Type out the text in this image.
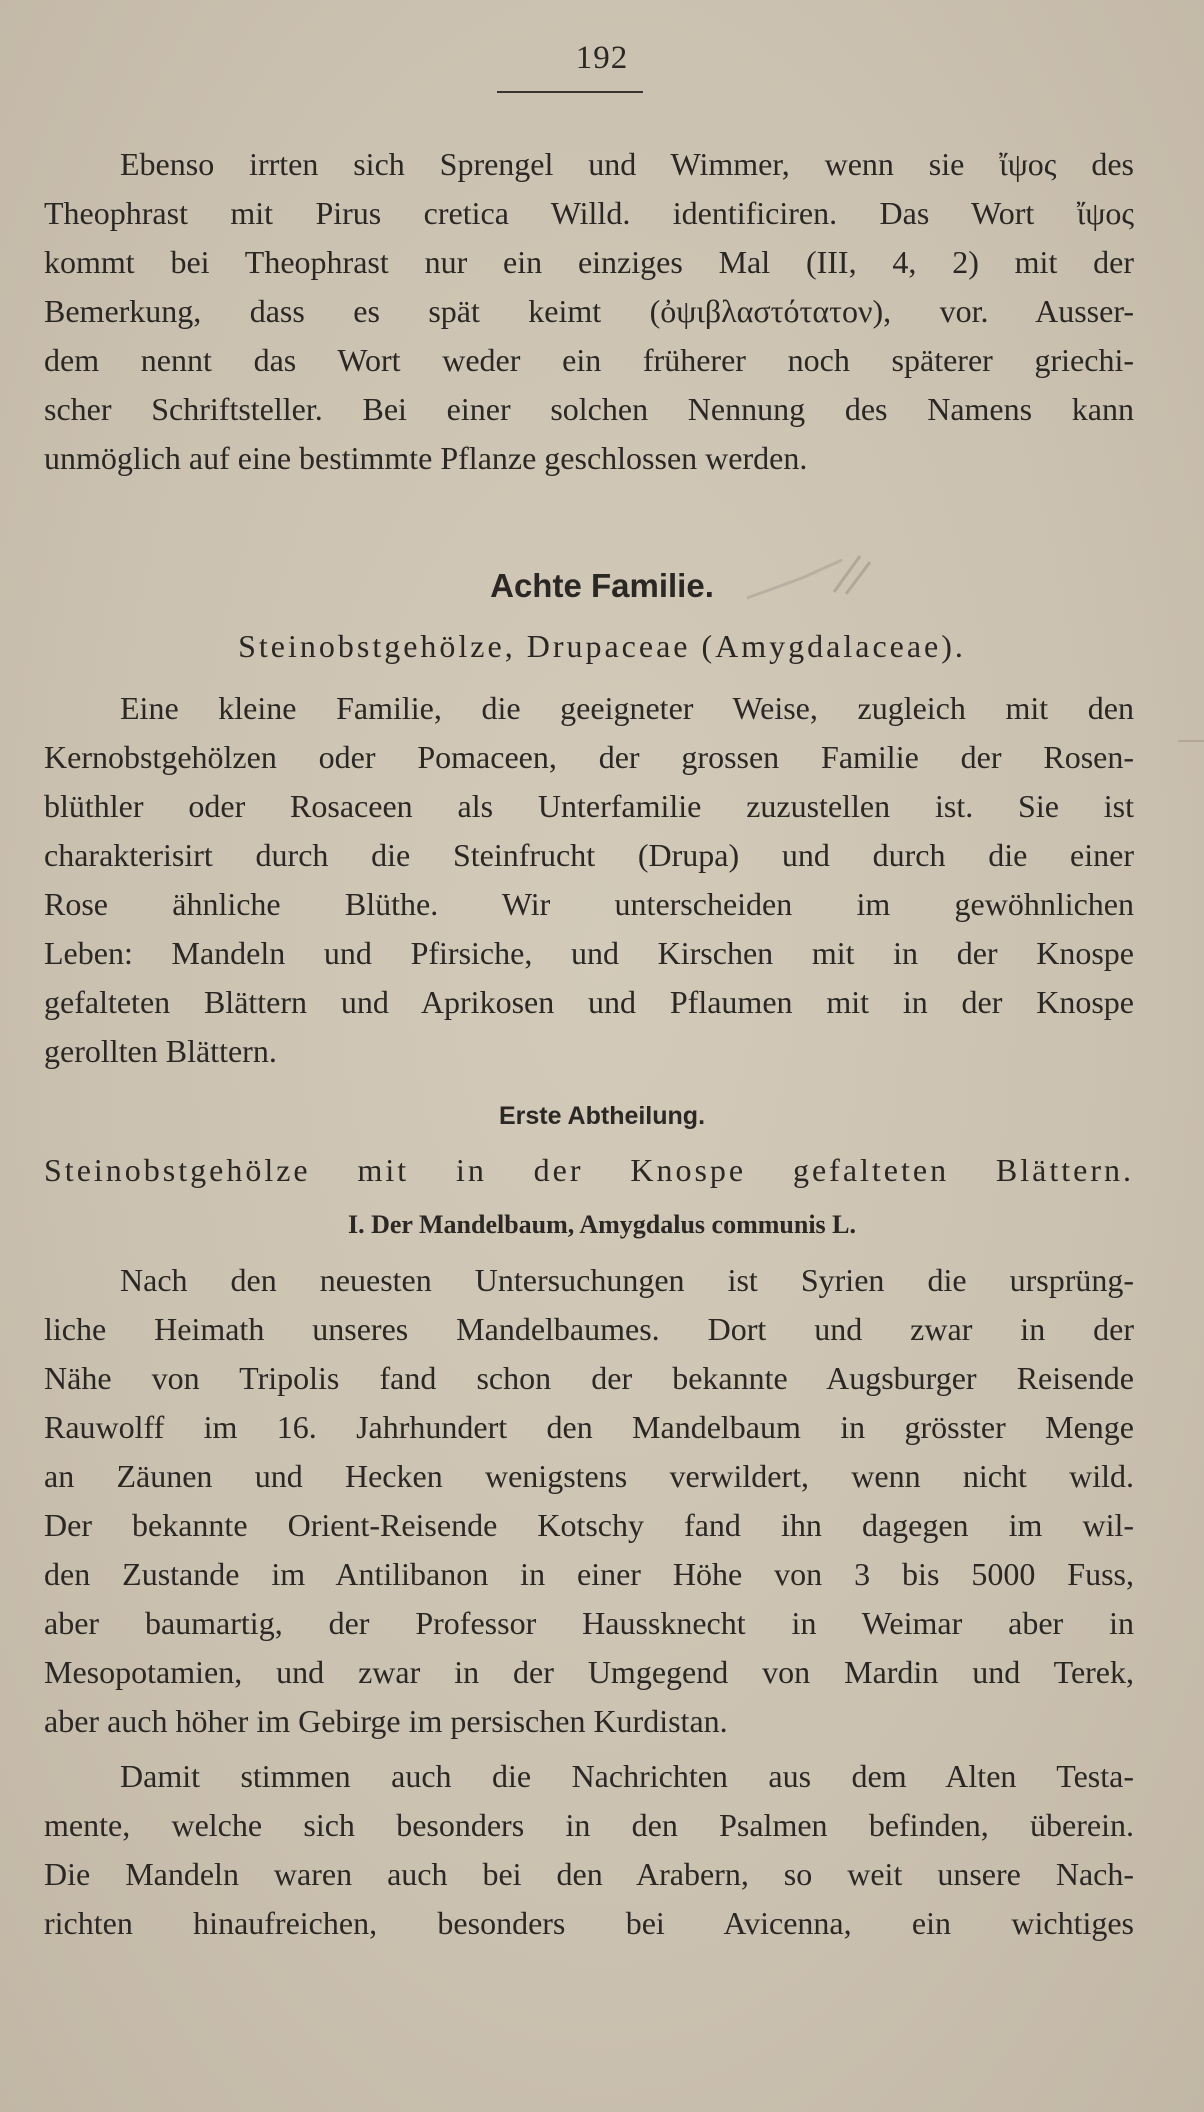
192
Ebenso irrten sich Sprengel und Wimmer, wenn sie ἴψος des
Theophrast mit Pirus cretica Willd. identificiren. Das Wort ἴψος
kommt bei Theophrast nur ein einziges Mal (III, 4, 2) mit der
Bemerkung, dass es spät keimt (ὀψιβλαστότατον), vor. Ausser-
dem nennt das Wort weder ein früherer noch späterer griechi-
scher Schriftsteller. Bei einer solchen Nennung des Namens kann
unmöglich auf eine bestimmte Pflanze geschlossen werden.
Achte Familie.
Steinobstgehölze, Drupaceae (Amygdalaceae).
Eine kleine Familie, die geeigneter Weise, zugleich mit den
Kernobstgehölzen oder Pomaceen, der grossen Familie der Rosen-
blüthler oder Rosaceen als Unterfamilie zuzustellen ist. Sie ist
charakterisirt durch die Steinfrucht (Drupa) und durch die einer
Rose ähnliche Blüthe. Wir unterscheiden im gewöhnlichen
Leben: Mandeln und Pfirsiche, und Kirschen mit in der Knospe
gefalteten Blättern und Aprikosen und Pflaumen mit in der Knospe
gerollten Blättern.
Erste Abtheilung.
Steinobstgehölze mit in der Knospe gefalteten Blättern.
I. Der Mandelbaum, Amygdalus communis L.
Nach den neuesten Untersuchungen ist Syrien die ursprüng-
liche Heimath unseres Mandelbaumes. Dort und zwar in der
Nähe von Tripolis fand schon der bekannte Augsburger Reisende
Rauwolff im 16. Jahrhundert den Mandelbaum in grösster Menge
an Zäunen und Hecken wenigstens verwildert, wenn nicht wild.
Der bekannte Orient-Reisende Kotschy fand ihn dagegen im wil-
den Zustande im Antilibanon in einer Höhe von 3 bis 5000 Fuss,
aber baumartig, der Professor Haussknecht in Weimar aber in
Mesopotamien, und zwar in der Umgegend von Mardin und Terek,
aber auch höher im Gebirge im persischen Kurdistan.
Damit stimmen auch die Nachrichten aus dem Alten Testa-
mente, welche sich besonders in den Psalmen befinden, überein.
Die Mandeln waren auch bei den Arabern, so weit unsere Nach-
richten hinaufreichen, besonders bei Avicenna, ein wichtiges
